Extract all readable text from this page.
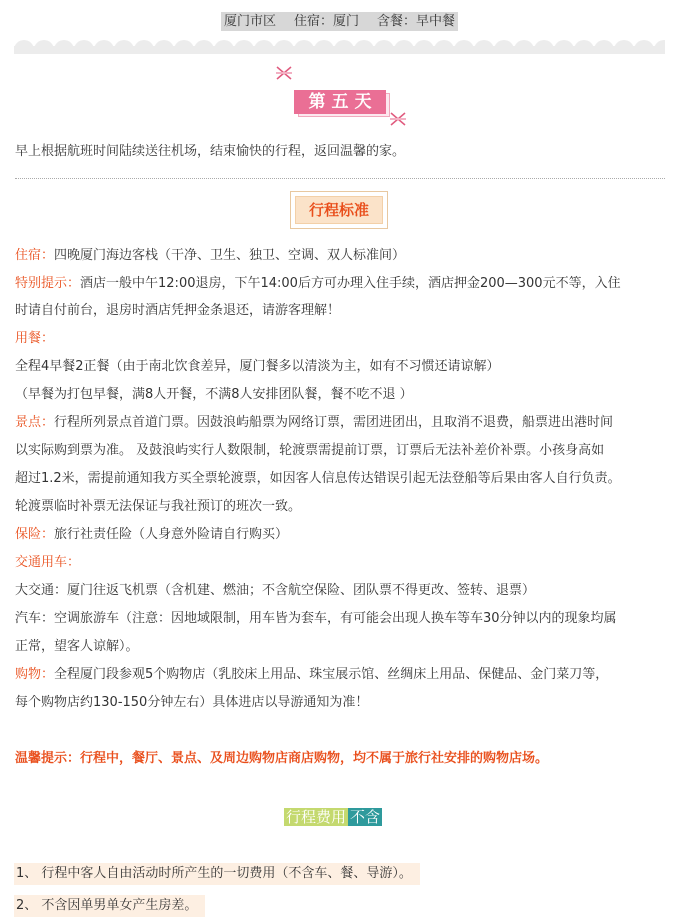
厦门市区 住宿：厦门 含餐：早中餐
第五天
早上根据航班时间陆续送往机场，结束愉快的行程，返回温馨的家。
行程标准
住宿：四晚厦门海边客栈（干净、卫生、独卫、空调、双人标准间）
特别提示：酒店一般中午12:00退房，下午14:00后方可办理入住手续，酒店押金200—300元不等，入住
时请自付前台，退房时酒店凭押金条退还，请游客理解！
用餐：
全程4早餐2正餐（由于南北饮食差异，厦门餐多以清淡为主，如有不习惯还请谅解）
（早餐为打包早餐，满8人开餐，不满8人安排团队餐，餐不吃不退 ）
景点：行程所列景点首道门票。因鼓浪屿船票为网络订票，需团进团出，且取消不退费，船票进出港时间
以实际购到票为准。 及鼓浪屿实行人数限制，轮渡票需提前订票，订票后无法补差价补票。小孩身高如
超过1.2米，需提前通知我方买全票轮渡票，如因客人信息传达错误引起无法登船等后果由客人自行负责。
轮渡票临时补票无法保证与我社预订的班次一致。
保险：旅行社责任险（人身意外险请自行购买）
交通用车：
大交通：厦门往返飞机票（含机建、燃油；不含航空保险、团队票不得更改、签转、退票）
汽车：空调旅游车（注意：因地域限制，用车皆为套车，有可能会出现人换车等车30分钟以内的现象均属
正常，望客人谅解）。
购物：全程厦门段参观5个购物店（乳胶床上用品、珠宝展示馆、丝绸床上用品、保健品、金门菜刀等，
每个购物店约130-150分钟左右）具体进店以导游通知为准！
温馨提示：行程中，餐厅、景点、及周边购物店商店购物，均不属于旅行社安排的购物店场。
行程费用 不含
1、 行程中客人自由活动时所产生的一切费用（不含车、餐、导游）。
2、 不含因单男单女产生房差。
